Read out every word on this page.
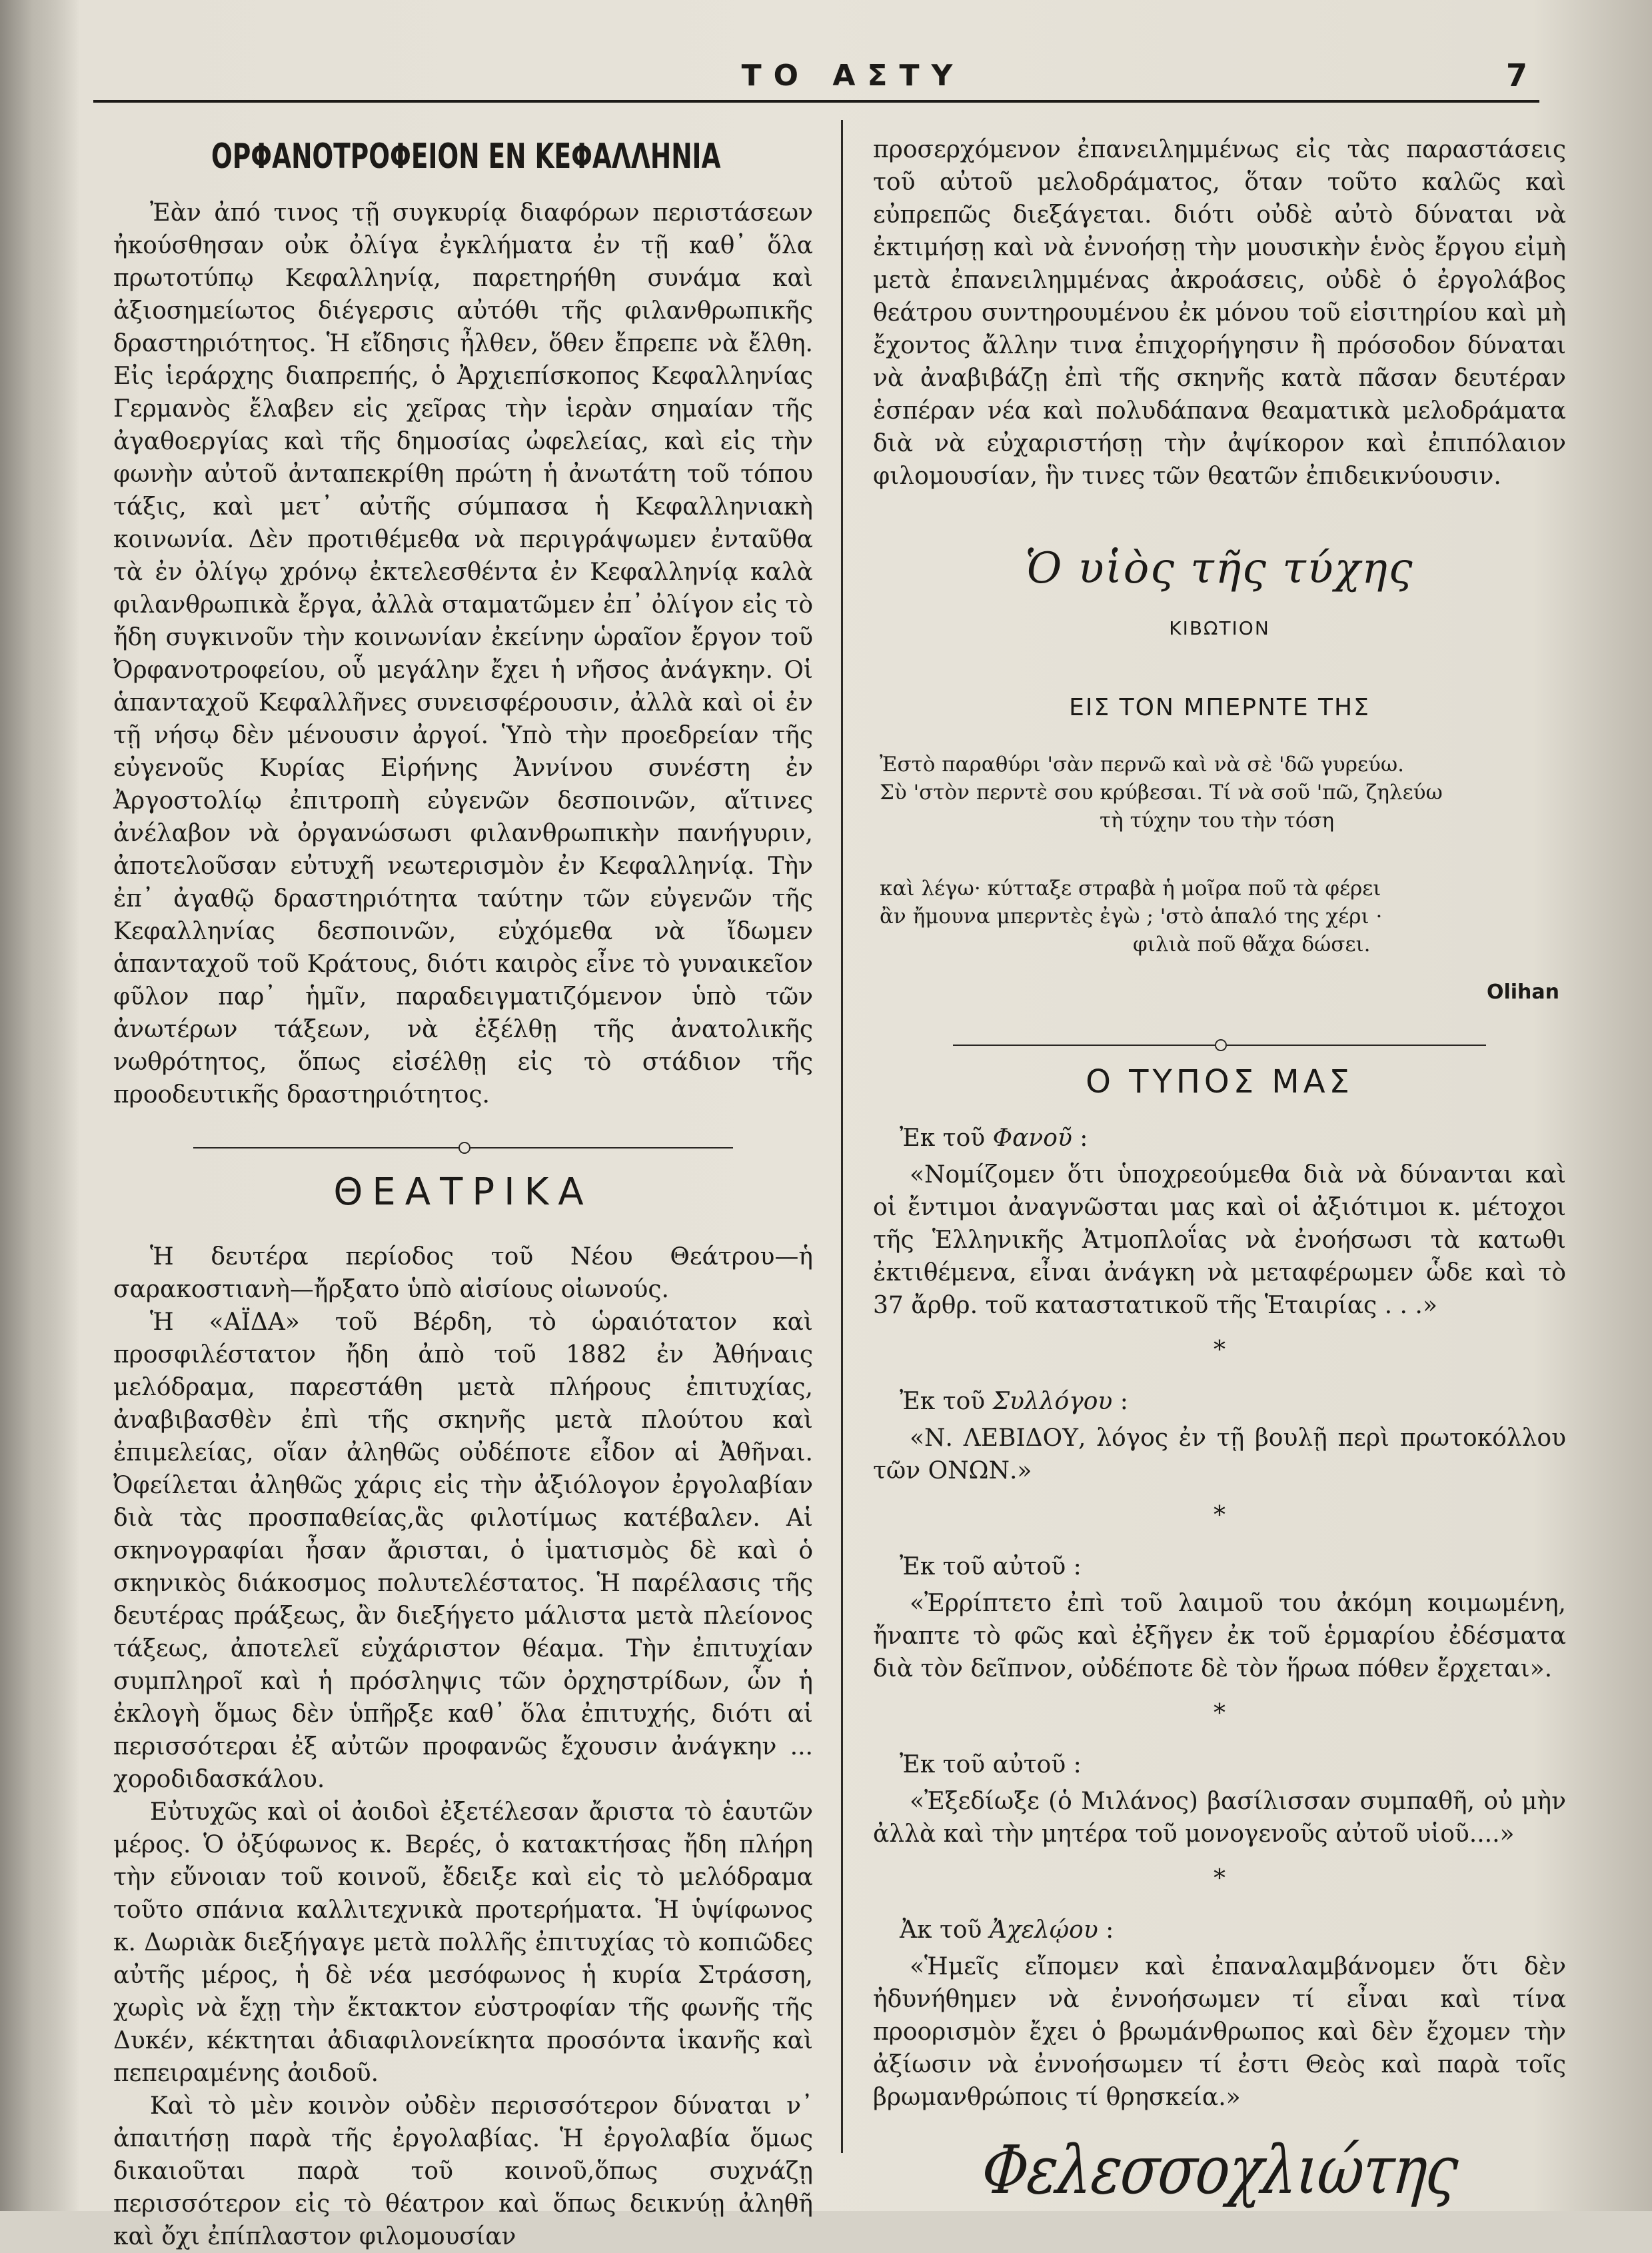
ΤΟ ΑΣΤΥ	7
ΟΡΦΑΝΟΤΡΟΦΕΙΟΝ ΕΝ ΚΕΦΑΛΛΗΝΙΑ

Ἐὰν ἀπό τινος τῇ συγκυρίᾳ διαφόρων περιστάσεων ἠκούσθησαν οὐκ ὀλίγα ἐγκλήματα ἐν τῇ καθ᾽ ὅλα πρωτοτύπῳ Κεφαλληνίᾳ, παρετηρήθη συνάμα καὶ ἀξιοσημείωτος διέγερσις αὐτόθι τῆς φιλανθρωπικῆς δραστηριότητος. Ἡ εἴδησις ἦλθεν, ὅθεν ἔπρεπε νὰ ἔλθη. Εἰς ἱεράρχης διαπρεπής, ὁ Ἀρχιεπίσκοπος Κεφαλληνίας Γερμανὸς ἔλαβεν εἰς χεῖρας τὴν ἱερὰν σημαίαν τῆς ἀγαθοεργίας καὶ τῆς δημοσίας ὠφελείας, καὶ εἰς τὴν φωνὴν αὐτοῦ ἀνταπεκρίθη πρώτη ἡ ἀνωτάτη τοῦ τόπου τάξις, καὶ μετ᾽ αὐτῆς σύμπασα ἡ Κεφαλληνιακὴ κοινωνία. Δὲν προτιθέμεθα νὰ περιγράψωμεν ἐνταῦθα τὰ ἐν ὀλίγῳ χρόνῳ ἐκτελεσθέντα ἐν Κεφαλληνίᾳ καλὰ φιλανθρωπικὰ ἔργα, ἀλλὰ σταματῶμεν ἐπ᾽ ὀλίγον εἰς τὸ ἤδη συγκινοῦν τὴν κοινωνίαν ἐκείνην ὡραῖον ἔργον τοῦ Ὀρφανοτροφείου, οὗ μεγάλην ἔχει ἡ νῆσος ἀνάγκην. Οἱ ἁπανταχοῦ Κεφαλλῆνες συνεισφέρουσιν, ἀλλὰ καὶ οἱ ἐν τῇ νήσῳ δὲν μένουσιν ἀργοί. Ὑπὸ τὴν προεδρείαν τῆς εὐγενοῦς Κυρίας Εἰρήνης Ἀννίνου συνέστη ἐν Ἀργοστολίῳ ἐπιτροπὴ εὐγενῶν δεσποινῶν, αἵτινες ἀνέλαβον νὰ ὀργανώσωσι φιλανθρωπικὴν πανήγυριν, ἀποτελοῦσαν εὐτυχῆ νεωτερισμὸν ἐν Κεφαλληνίᾳ. Τὴν ἐπ᾽ ἀγαθῷ δραστηριότητα ταύτην τῶν εὐγενῶν τῆς Κεφαλληνίας δεσποινῶν, εὐχόμεθα νὰ ἴδωμεν ἁπανταχοῦ τοῦ Κράτους, διότι καιρὸς εἶνε τὸ γυναικεῖον φῦλον παρ᾽ ἡμῖν, παραδειγματιζόμενον ὑπὸ τῶν ἀνωτέρων τάξεων, νὰ ἐξέλθῃ τῆς ἀνατολικῆς νωθρότητος, ὅπως εἰσέλθῃ εἰς τὸ στάδιον τῆς προοδευτικῆς δραστηριότητος.

ΘΕΑΤΡΙΚΑ

Ἡ δευτέρα περίοδος τοῦ Νέου Θεάτρου—ἡ σαρακοστιανὴ—ἤρξατο ὑπὸ αἰσίους οἰωνούς.

Ἡ «ΑΪΔΑ» τοῦ Βέρδη, τὸ ὡραιότατον καὶ προσφιλέστατον ἤδη ἀπὸ τοῦ 1882 ἐν Ἀθήναις μελόδραμα, παρεστάθη μετὰ πλήρους ἐπιτυχίας, ἀναβιβασθὲν ἐπὶ τῆς σκηνῆς μετὰ πλούτου καὶ ἐπιμελείας, οἵαν ἀληθῶς οὐδέποτε εἶδον αἱ Ἀθῆναι. Ὀφείλεται ἀληθῶς χάρις εἰς τὴν ἀξιόλογον ἐργολαβίαν διὰ τὰς προσπαθείας,ἃς φιλοτίμως κατέβαλεν. Αἱ σκηνογραφίαι ἦσαν ἄρισται, ὁ ἱματισμὸς δὲ καὶ ὁ σκηνικὸς διάκοσμος πολυτελέστατος. Ἡ παρέλασις τῆς δευτέρας πράξεως, ἂν διεξήγετο μάλιστα μετὰ πλείονος τάξεως, ἀποτελεῖ εὐχάριστον θέαμα. Τὴν ἐπιτυχίαν συμπληροῖ καὶ ἡ πρόσληψις τῶν ὀρχηστρίδων, ὧν ἡ ἐκλογὴ ὅμως δὲν ὑπῆρξε καθ᾽ ὅλα ἐπιτυχής, διότι αἱ περισσότεραι ἐξ αὐτῶν προφανῶς ἔχουσιν ἀνάγκην ... χοροδιδασκάλου.

Εὐτυχῶς καὶ οἱ ἀοιδοὶ ἐξετέλεσαν ἄριστα τὸ ἑαυτῶν μέρος. Ὁ ὀξύφωνος κ. Βερές, ὁ κατακτήσας ἤδη πλήρη τὴν εὔνοιαν τοῦ κοινοῦ, ἔδειξε καὶ εἰς τὸ μελόδραμα τοῦτο σπάνια καλλιτεχνικὰ προτερήματα. Ἡ ὑψίφωνος κ. Δωριὰκ διεξήγαγε μετὰ πολλῆς ἐπιτυχίας τὸ κοπιῶδες αὐτῆς μέρος, ἡ δὲ νέα μεσόφωνος ἡ κυρία Στράσση, χωρὶς νὰ ἔχῃ τὴν ἔκτακτον εὐστροφίαν τῆς φωνῆς τῆς Δυκέν, κέκτηται ἀδιαφιλονείκητα προσόντα ἱκανῆς καὶ πεπειραμένης ἀοιδοῦ.

Καὶ τὸ μὲν κοινὸν οὐδὲν περισσότερον δύναται ν᾽ ἀπαιτήσῃ παρὰ τῆς ἐργολαβίας. Ἡ ἐργολαβία ὅμως δικαιοῦται παρὰ τοῦ κοινοῦ,ὅπως συχνάζῃ περισσότερον εἰς τὸ θέατρον καὶ ὅπως δεικνύῃ ἀληθῆ καὶ ὄχι ἐπίπλαστον φιλομουσίαν

προσερχόμενον ἐπανειλημμένως εἰς τὰς παραστάσεις τοῦ αὐτοῦ μελοδράματος, ὅταν τοῦτο καλῶς καὶ εὐπρεπῶς διεξάγεται. διότι οὐδὲ αὐτὸ δύναται νὰ ἐκτιμήσῃ καὶ νὰ ἐννοήσῃ τὴν μουσικὴν ἑνὸς ἔργου εἰμὴ μετὰ ἐπανειλημμένας ἀκροάσεις, οὐδὲ ὁ ἐργολάβος θεάτρου συντηρουμένου ἐκ μόνου τοῦ εἰσιτηρίου καὶ μὴ ἔχοντος ἄλλην τινα ἐπιχορήγησιν ἢ πρόσοδον δύναται νὰ ἀναβιβάζῃ ἐπὶ τῆς σκηνῆς κατὰ πᾶσαν δευτέραν ἑσπέραν νέα καὶ πολυδάπανα θεαματικὰ μελοδράματα διὰ νὰ εὐχαριστήσῃ τὴν ἀψίκορον καὶ ἐπιπόλαιον φιλομουσίαν, ἣν τινες τῶν θεατῶν ἐπιδεικνύουσιν.

Ὁ υἱὸς τῆς τύχης
ΚΙΒΩΤΙΟΝ
ΕΙΣ ΤΟΝ ΜΠΕΡΝΤΕ ΤΗΣ
Ἐστὸ παραθύρι 'σὰν περνῶ καὶ νὰ σὲ 'δῶ γυρεύω.
Σὺ 'στὸν περντὲ σου κρύβεσαι. Τί νὰ σοῦ 'πῶ, ζηλεύω
τὴ τύχην του τὴν τόση
καὶ λέγω· κύτταξε στραβὰ ἡ μοῖρα ποῦ τὰ φέρει
ἂν ἤμουνα μπερντὲς ἐγὼ ; 'στὸ ἁπαλό της χέρι ·
φιλιὰ ποῦ θἄχα δώσει.
Olihan
Ο ΤΥΠΟΣ ΜΑΣ
Ἐκ τοῦ Φανοῦ :

«Νομίζομεν ὅτι ὑποχρεούμεθα διὰ νὰ δύνανται καὶ οἱ ἔντιμοι ἀναγνῶσται μας καὶ οἱ ἀξιότιμοι κ. μέτοχοι τῆς Ἑλληνικῆς Ἀτμοπλοΐας νὰ ἐνοήσωσι τὰ κατωθι ἐκτιθέμενα, εἶναι ἀνάγκη νὰ μεταφέρωμεν ὧδε καὶ τὸ 37 ἄρθρ. τοῦ καταστατικοῦ τῆς Ἑταιρίας . . .»

*
Ἐκ τοῦ Συλλόγου :

«Ν. ΛΕΒΙΔΟΥ, λόγος ἐν τῇ βουλῇ περὶ πρωτοκόλλου τῶν ΟΝΩΝ.»

*
Ἐκ τοῦ αὐτοῦ :

«Ἐρρίπτετο ἐπὶ τοῦ λαιμοῦ του ἀκόμη κοιμωμένη, ἤναπτε τὸ φῶς καὶ ἐξῆγεν ἐκ τοῦ ἑρμαρίου ἐδέσματα διὰ τὸν δεῖπνον, οὐδέποτε δὲ τὸν ἥρωα πόθεν ἔρχεται».

*
Ἐκ τοῦ αὐτοῦ :

«Ἐξεδίωξε (ὁ Μιλάνος) βασίλισσαν συμπαθῆ, οὐ μὴν ἀλλὰ καὶ τὴν μητέρα τοῦ μονογενοῦς αὐτοῦ υἱοῦ....»

*
Ἀκ τοῦ Ἀχελῴου :

«Ἡμεῖς εἴπομεν καὶ ἐπαναλαμβάνομεν ὅτι δὲν ἠδυνήθημεν νὰ ἐννοήσωμεν τί εἶναι καὶ τίνα προορισμὸν ἔχει ὁ βρωμάνθρωπος καὶ δὲν ἔχομεν τὴν ἀξίωσιν νὰ ἐννοήσωμεν τί ἐστι Θεὸς καὶ παρὰ τοῖς βρωμανθρώποις τί θρησκεία.»

Φελεσσοχλιώτης
